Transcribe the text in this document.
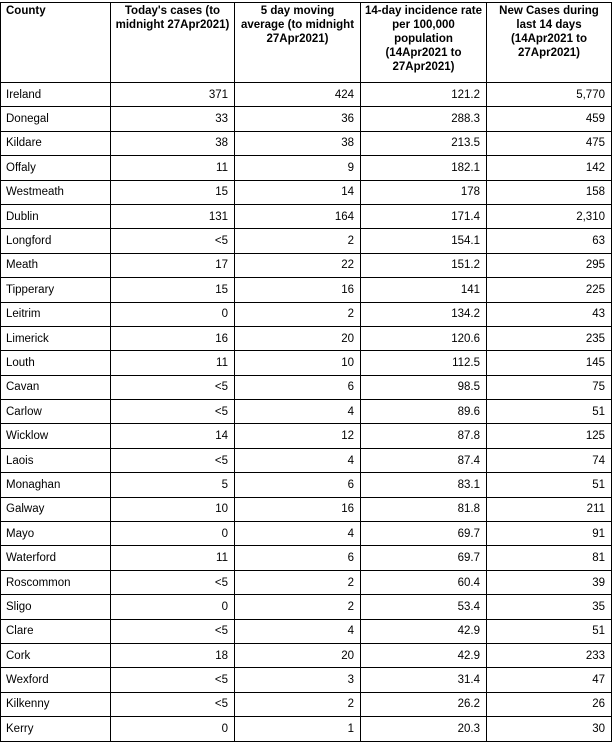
County	Today's cases (to midnight 27Apr2021)	5 day moving average (to midnight 27Apr2021)	14-day incidence rate per 100,000 population (14Apr2021 to 27Apr2021)	New Cases during last 14 days (14Apr2021 to 27Apr2021)
Ireland	371	424	121.2	5,770
Donegal	33	36	288.3	459
Kildare	38	38	213.5	475
Offaly	11	9	182.1	142
Westmeath	15	14	178	158
Dublin	131	164	171.4	2,310
Longford	<5	2	154.1	63
Meath	17	22	151.2	295
Tipperary	15	16	141	225
Leitrim	0	2	134.2	43
Limerick	16	20	120.6	235
Louth	11	10	112.5	145
Cavan	<5	6	98.5	75
Carlow	<5	4	89.6	51
Wicklow	14	12	87.8	125
Laois	<5	4	87.4	74
Monaghan	5	6	83.1	51
Galway	10	16	81.8	211
Mayo	0	4	69.7	91
Waterford	11	6	69.7	81
Roscommon	<5	2	60.4	39
Sligo	0	2	53.4	35
Clare	<5	4	42.9	51
Cork	18	20	42.9	233
Wexford	<5	3	31.4	47
Kilkenny	<5	2	26.2	26
Kerry	0	1	20.3	30
